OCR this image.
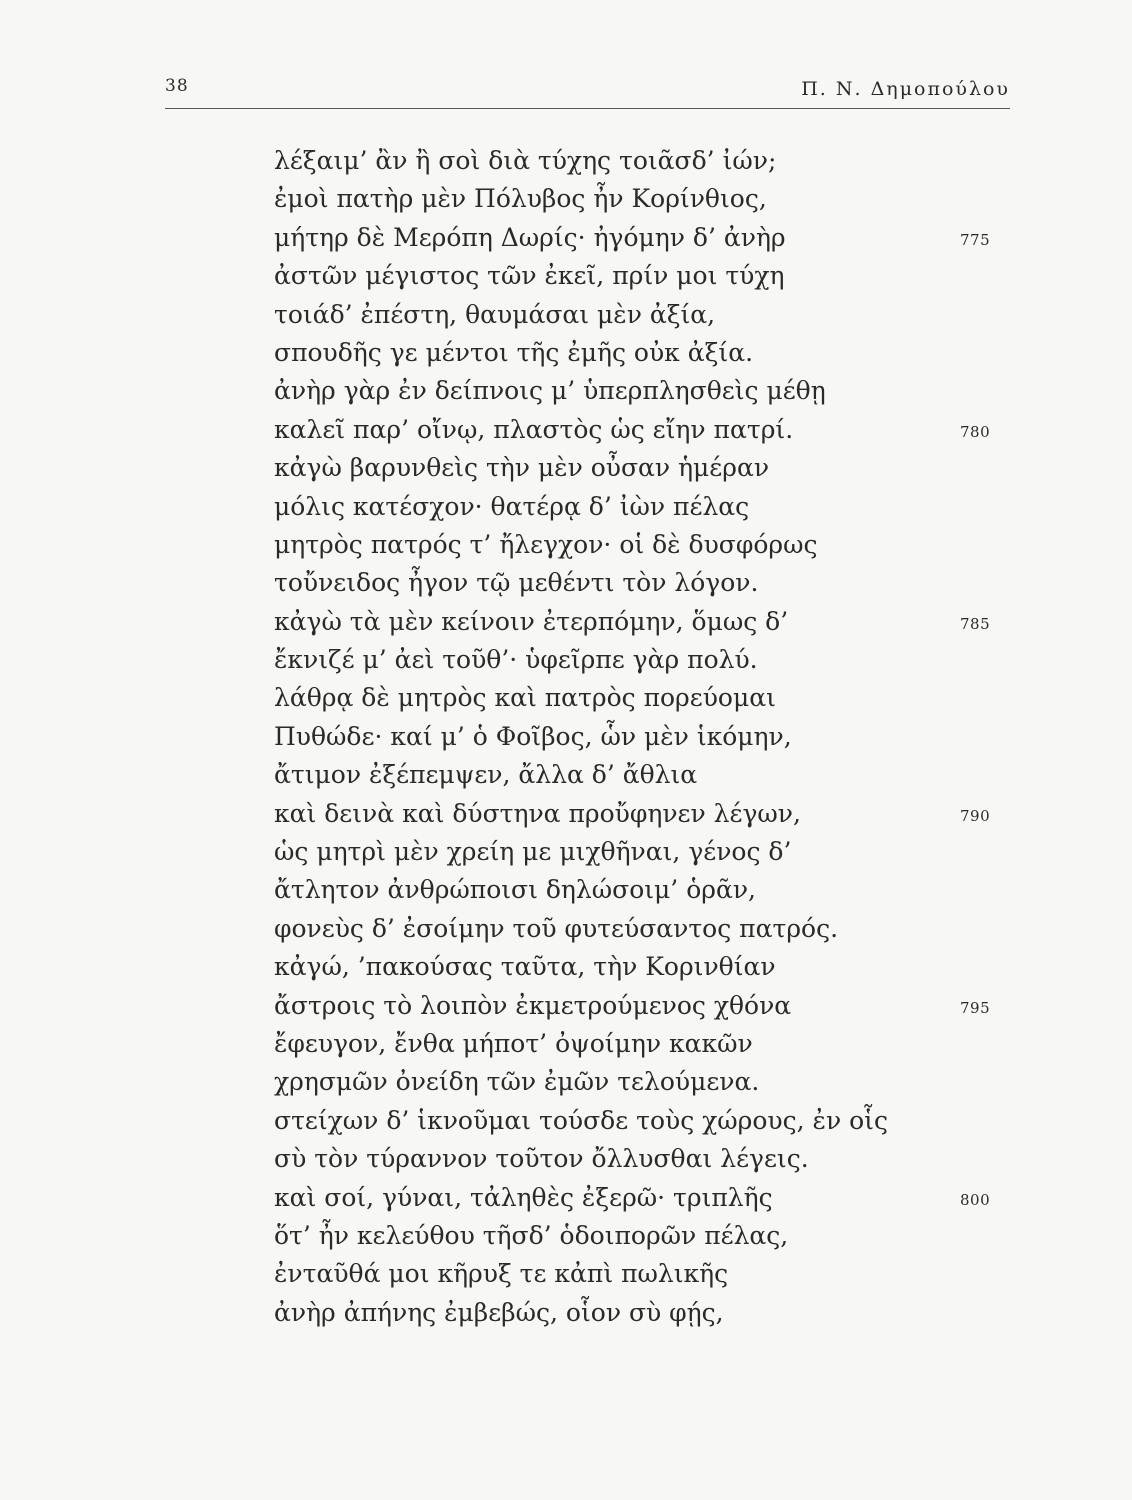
38	Π. Ν. Δημοπούλου
λέξαιμ’ ἂν ἢ σοὶ διὰ τύχης τοιᾶσδ’ ἰών;
ἐμοὶ πατὴρ μὲν Πόλυβος ἦν Κορίνθιος,
μήτηρ δὲ Μερόπη Δωρίς· ἠγόμην δ’ ἀνὴρ	775
ἀστῶν μέγιστος τῶν ἐκεῖ, πρίν μοι τύχη
τοιάδ’ ἐπέστη, θαυμάσαι μὲν ἀξία,
σπουδῆς γε μέντοι τῆς ἐμῆς οὐκ ἀξία.
ἀνὴρ γὰρ ἐν δείπνοις μ’ ὑπερπλησθεὶς μέθῃ
καλεῖ παρ’ οἴνῳ, πλαστὸς ὡς εἴην πατρί.	780
κἀγὼ βαρυνθεὶς τὴν μὲν οὖσαν ἡμέραν
μόλις κατέσχον· θατέρᾳ δ’ ἰὼν πέλας
μητρὸς πατρός τ’ ἤλεγχον· οἱ δὲ δυσφόρως
τοὔνειδος ἦγον τῷ μεθέντι τὸν λόγον.
κἀγὼ τὰ μὲν κείνοιν ἐτερπόμην, ὅμως δ’	785
ἔκνιζέ μ’ ἀεὶ τοῦθ’· ὑφεῖρπε γὰρ πολύ.
λάθρᾳ δὲ μητρὸς καὶ πατρὸς πορεύομαι
Πυθώδε· καί μ’ ὁ Φοῖβος, ὧν μὲν ἱκόμην,
ἄτιμον ἐξέπεμψεν, ἄλλα δ’ ἄθλια
καὶ δεινὰ καὶ δύστηνα προὔφηνεν λέγων,	790
ὡς μητρὶ μὲν χρείη με μιχθῆναι, γένος δ’
ἄτλητον ἀνθρώποισι δηλώσοιμ’ ὁρᾶν,
φονεὺς δ’ ἐσοίμην τοῦ φυτεύσαντος πατρός.
κἀγώ, ’πακούσας ταῦτα, τὴν Κορινθίαν
ἄστροις τὸ λοιπὸν ἐκμετρούμενος χθόνα	795
ἔφευγον, ἔνθα μήποτ’ ὀψοίμην κακῶν
χρησμῶν ὀνείδη τῶν ἐμῶν τελούμενα.
στείχων δ’ ἱκνοῦμαι τούσδε τοὺς χώρους, ἐν οἷς
σὺ τὸν τύραννον τοῦτον ὄλλυσθαι λέγεις.
καὶ σοί, γύναι, τἀληθὲς ἐξερῶ· τριπλῆς	800
ὅτ’ ἦν κελεύθου τῆσδ’ ὁδοιπορῶν πέλας,
ἐνταῦθά μοι κῆρυξ τε κἀπὶ πωλικῆς
ἀνὴρ ἀπήνης ἐμβεβώς, οἷον σὺ φῄς,
